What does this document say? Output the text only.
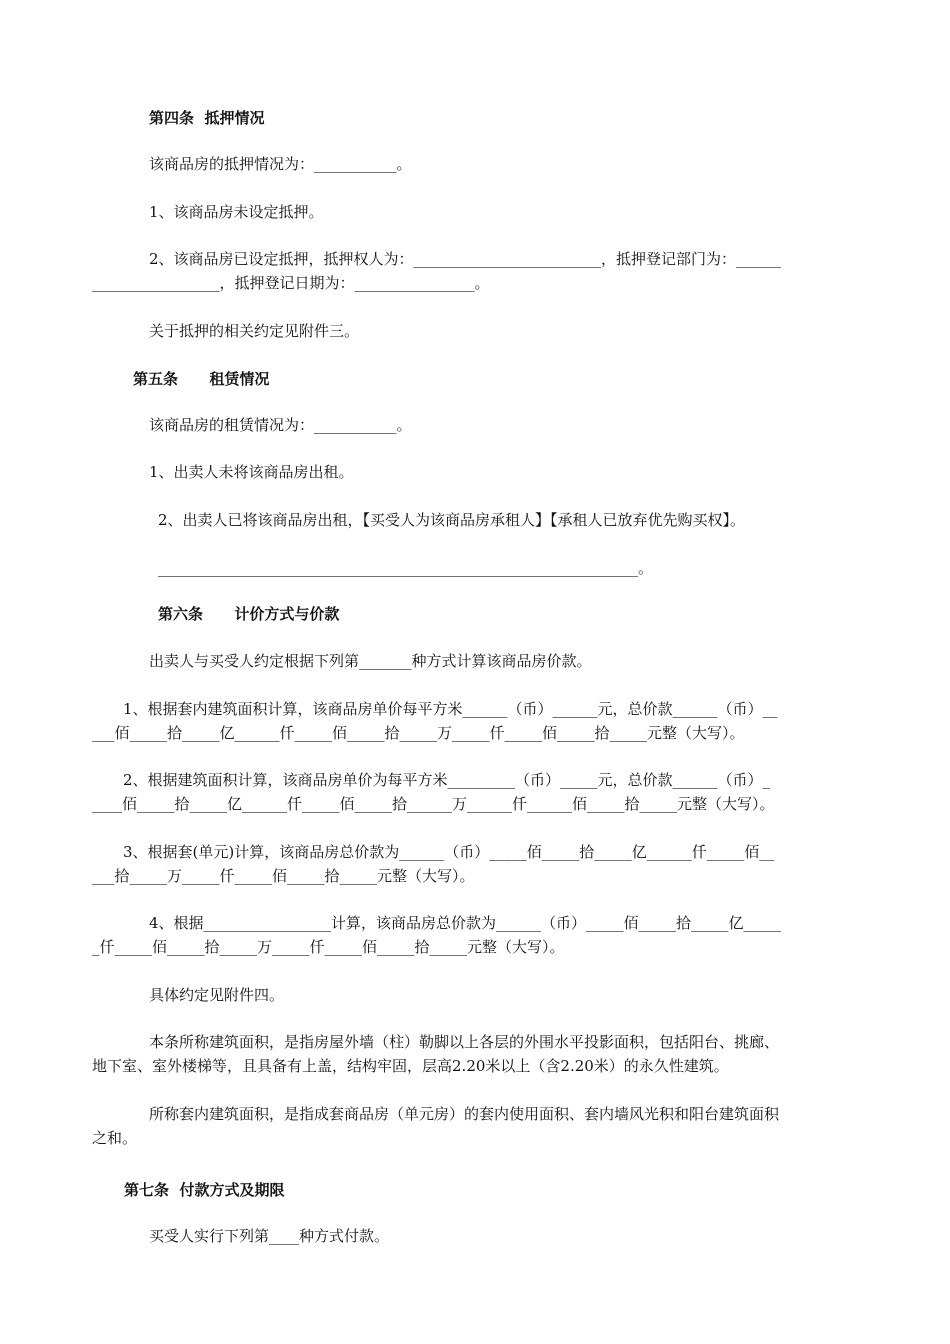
第四条  抵押情况
该商品房的抵押情况为：___________。
1、该商品房未设定抵押。
2、该商品房已设定抵押，抵押权人为：_________________________，抵押登记部门为：______
_________________，抵押登记日期为：________________。
关于抵押的相关约定见附件三。
第五条      租赁情况
该商品房的租赁情况为：___________。
1、出卖人未将该商品房出租。
2、出卖人已将该商品房出租，【买受人为该商品房承租人】【承租人已放弃优先购买权】。
________________________________________________________________。
第六条      计价方式与价款
出卖人与买受人约定根据下列第_______种方式计算该商品房价款。
1、根据套内建筑面积计算，该商品房单价每平方米______（币）______元，总价款______（币）__
___佰_____拾_____亿______仟_____佰_____拾_____万_____仟_____佰_____拾_____元整（大写）。
2、根据建筑面积计算，该商品房单价为每平方米_________（币）_____元，总价款______（币）_
____佰_____拾_____亿______仟_____佰_____拾______万______仟______佰_____拾_____元整（大写）。
3、根据套(单元)计算，该商品房总价款为______（币）_____佰_____拾_____亿______仟_____佰__
___拾_____万_____仟_____佰_____拾_____元整（大写）。
4、根据_________________计算，该商品房总价款为______（币）_____佰_____拾_____亿_____
_仟_____佰_____拾_____万_____仟_____佰_____拾_____元整（大写）。
具体约定见附件四。
本条所称建筑面积，是指房屋外墙（柱）勒脚以上各层的外围水平投影面积，包括阳台、挑廊、
地下室、室外楼梯等，且具备有上盖，结构牢固，层高2.20米以上（含2.20米）的永久性建筑。
所称套内建筑面积，是指成套商品房（单元房）的套内使用面积、套内墙风光积和阳台建筑面积
之和。
第七条  付款方式及期限
买受人实行下列第____种方式付款。
